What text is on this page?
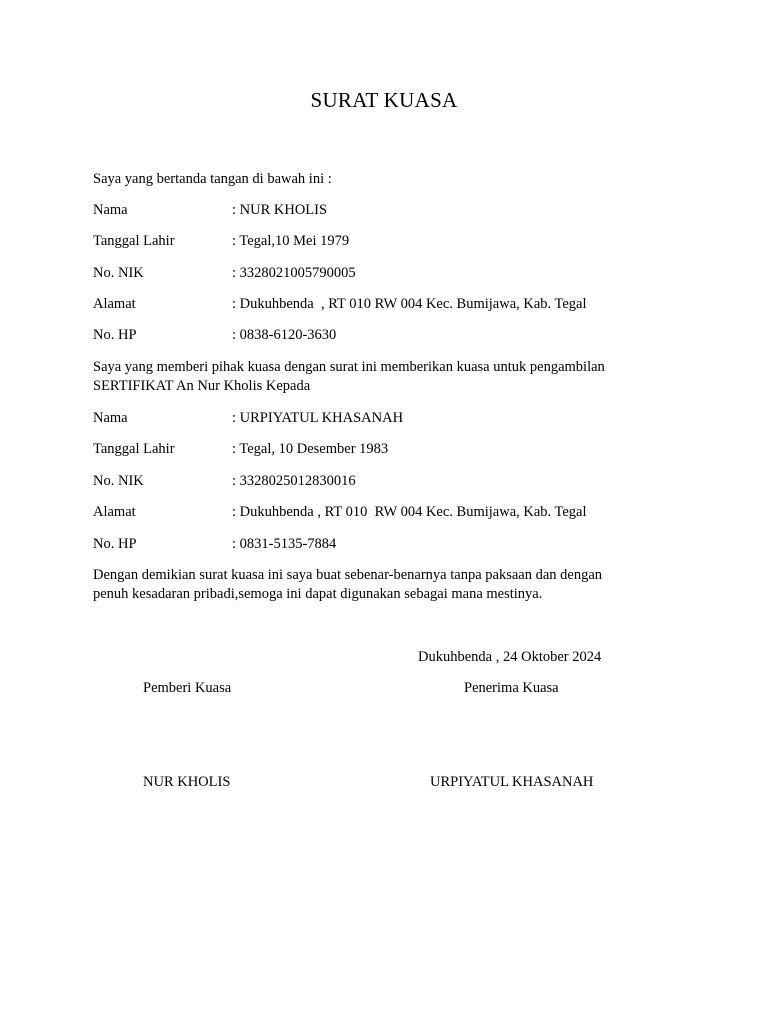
SURAT KUASA
Saya yang bertanda tangan di bawah ini :
Nama	: NUR KHOLIS
Tanggal Lahir	: Tegal,10 Mei 1979
No. NIK	: 3328021005790005
Alamat	: Dukuhbenda  , RT 010 RW 004 Kec. Bumijawa, Kab. Tegal
No. HP	: 0838-6120-3630
Saya yang memberi pihak kuasa dengan surat ini memberikan kuasa untuk pengambilan
SERTIFIKAT An Nur Kholis Kepada
Nama	: URPIYATUL KHASANAH
Tanggal Lahir	: Tegal, 10 Desember 1983
No. NIK	: 3328025012830016
Alamat	: Dukuhbenda , RT 010  RW 004 Kec. Bumijawa, Kab. Tegal
No. HP	: 0831-5135-7884
Dengan demikian surat kuasa ini saya buat sebenar-benarnya tanpa paksaan dan dengan
penuh kesadaran pribadi,semoga ini dapat digunakan sebagai mana mestinya.
Dukuhbenda , 24 Oktober 2024
Pemberi Kuasa	Penerima Kuasa
NUR KHOLIS	URPIYATUL KHASANAH
